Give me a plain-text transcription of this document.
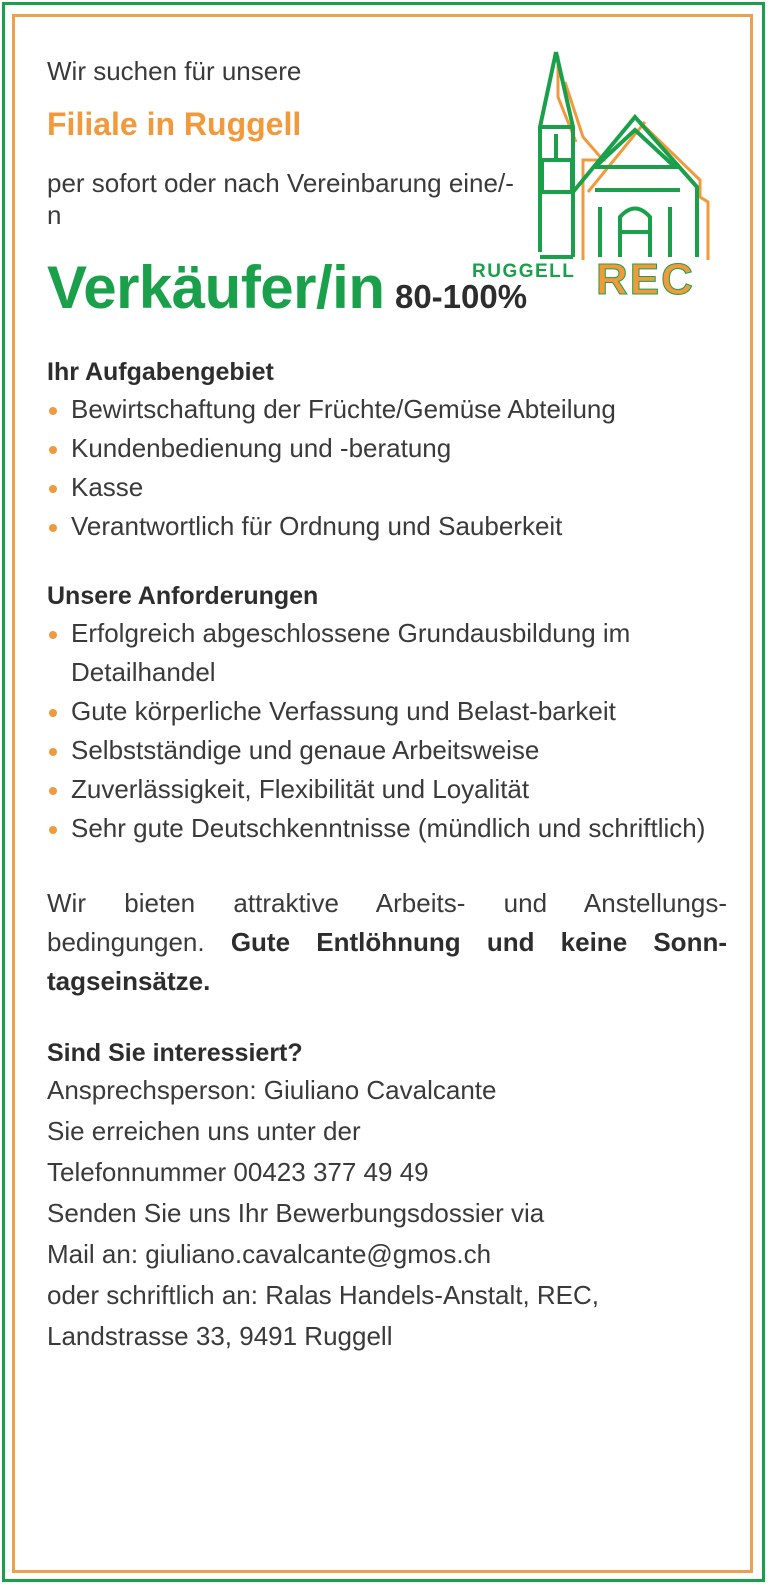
RUGGELL REC

Wir suchen für unsere

Filiale in Ruggell
per sofort oder nach Vereinbarung eine/-n
Verkäufer/in 80-100%
Ihr Aufgabengebiet
Bewirtschaftung der Früchte/Gemüse Abteilung
Kundenbedienung und -beratung
Kasse
Verantwortlich für Ordnung und Sauberkeit
Unsere Anforderungen
Erfolgreich abgeschlossene Grundausbildung im Detailhandel
Gute körperliche Verfassung und Belast-barkeit
Selbstständige und genaue Arbeitsweise
Zuverlässigkeit, Flexibilität und Loyalität
Sehr gute Deutschkenntnisse (mündlich und schriftlich)
Wir bieten attraktive Arbeits- und Anstellungs-bedingungen. Gute Entlöhnung und keine Sonn-tagseinsätze.
Sind Sie interessiert?

Ansprechsperson: Giuliano Cavalcante

Sie erreichen uns unter der

Telefonnummer 00423 377 49 49

Senden Sie uns Ihr Bewerbungsdossier via

Mail an: giuliano.cavalcante@gmos.ch

oder schriftlich an: Ralas Handels-Anstalt, REC,

Landstrasse 33, 9491 Ruggell
